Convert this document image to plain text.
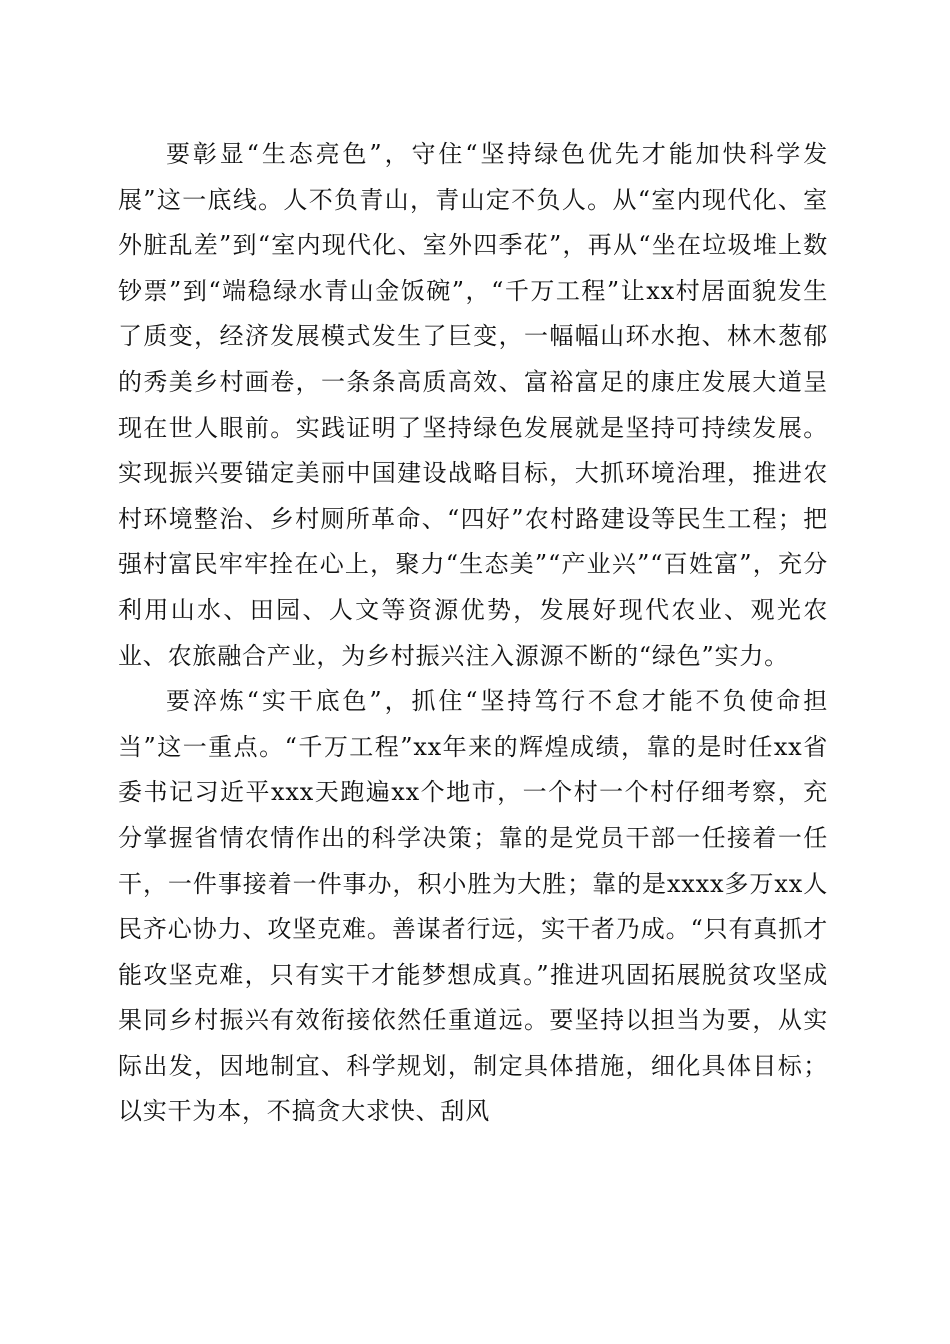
要彰显“生态亮色”，守住“坚持绿色优先才能加快科学发展”这一底线。人不负青山，青山定不负人。从“室内现代化、室外脏乱差”到“室内现代化、室外四季花”，再从“坐在垃圾堆上数钞票”到“端稳绿水青山金饭碗”，“千万工程”让xx村居面貌发生了质变，经济发展模式发生了巨变，一幅幅山环水抱、林木葱郁的秀美乡村画卷，一条条高质高效、富裕富足的康庄发展大道呈现在世人眼前。实践证明了坚持绿色发展就是坚持可持续发展。实现振兴要锚定美丽中国建设战略目标，大抓环境治理，推进农村环境整治、乡村厕所革命、“四好”农村路建设等民生工程；把强村富民牢牢拴在心上，聚力“生态美”“产业兴”“百姓富”，充分利用山水、田园、人文等资源优势，发展好现代农业、观光农业、农旅融合产业，为乡村振兴注入源源不断的“绿色”实力。

要淬炼“实干底色”，抓住“坚持笃行不怠才能不负使命担当”这一重点。“千万工程”xx年来的辉煌成绩，靠的是时任xx省委书记习近平xxx天跑遍xx个地市，一个村一个村仔细考察，充分掌握省情农情作出的科学决策；靠的是党员干部一任接着一任干，一件事接着一件事办，积小胜为大胜；靠的是xxxx多万xx人民齐心协力、攻坚克难。善谋者行远，实干者乃成。“只有真抓才能攻坚克难，只有实干才能梦想成真。”推进巩固拓展脱贫攻坚成果同乡村振兴有效衔接依然任重道远。要坚持以担当为要，从实际出发，因地制宜、科学规划，制定具体措施，细化具体目标；以实干为本，不搞贪大求快、刮风
